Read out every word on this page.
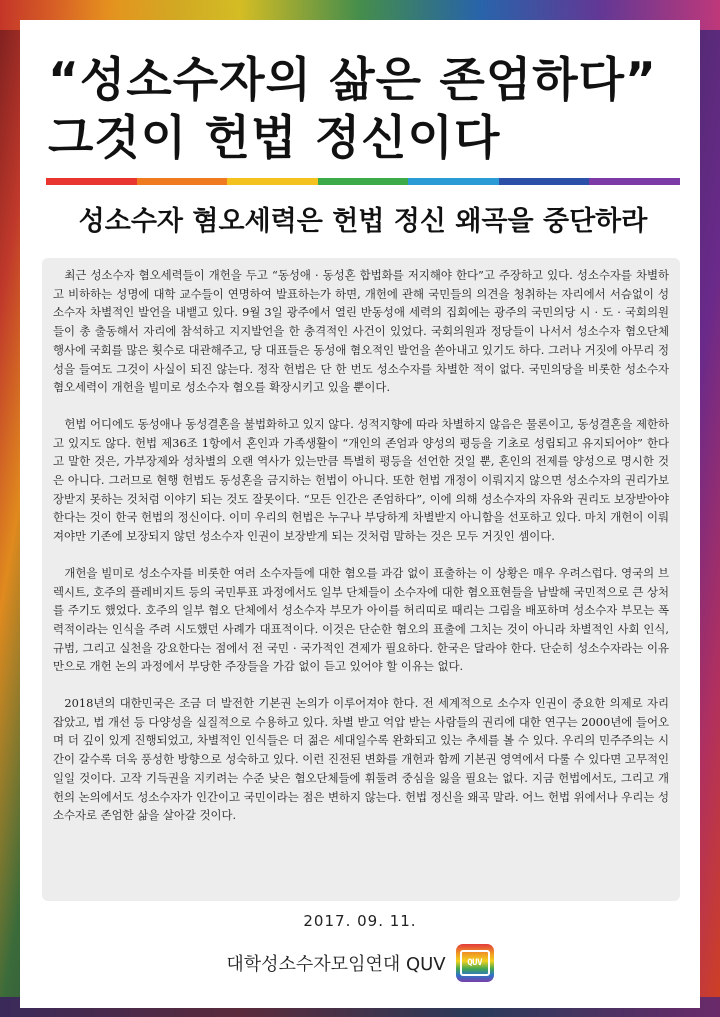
“성소수자의 삶은 존엄하다”
그것이 헌법 정신이다
성소수자 혐오세력은 헌법 정신 왜곡을 중단하라

최근 성소수자 혐오세력들이 개헌을 두고 “동성애 · 동성혼 합법화를 저지해야 한다”고 주장하고 있다. 성소수자를 차별하고 비하하는 성명에 대학 교수들이 연명하여 발표하는가 하면, 개헌에 관해 국민들의 의견을 청취하는 자리에서 서슴없이 성소수자 차별적인 발언을 내뱉고 있다. 9월 3일 광주에서 열린 반동성애 세력의 집회에는 광주의 국민의당 시 · 도 · 국회의원들이 총 출동해서 자리에 참석하고 지지발언을 한 충격적인 사건이 있었다. 국회의원과 정당들이 나서서 성소수자 혐오단체 행사에 국회를 많은 횟수로 대관해주고, 당 대표들은 동성애 혐오적인 발언을 쏟아내고 있기도 하다. 그러나 거짓에 아무리 정성을 들여도 그것이 사실이 되진 않는다. 정작 헌법은 단 한 번도 성소수자를 차별한 적이 없다. 국민의당을 비롯한 성소수자 혐오세력이 개헌을 빌미로 성소수자 혐오를 확장시키고 있을 뿐이다.

헌법 어디에도 동성애나 동성결혼을 불법화하고 있지 않다. 성적지향에 따라 차별하지 않음은 물론이고, 동성결혼을 제한하고 있지도 않다. 헌법 제36조 1항에서 혼인과 가족생활이 “개인의 존엄과 양성의 평등을 기초로 성립되고 유지되어야” 한다고 말한 것은, 가부장제와 성차별의 오랜 역사가 있는만큼 특별히 평등을 선언한 것일 뿐, 혼인의 전제를 양성으로 명시한 것은 아니다. 그러므로 현행 헌법도 동성혼을 금지하는 헌법이 아니다. 또한 헌법 개정이 이뤄지지 않으면 성소수자의 권리가보장받지 못하는 것처럼 이야기 되는 것도 잘못이다. “모든 인간은 존엄하다”, 이에 의해 성소수자의 자유와 권리도 보장받아야 한다는 것이 한국 헌법의 정신이다. 이미 우리의 헌법은 누구나 부당하게 차별받지 아니함을 선포하고 있다. 마치 개헌이 이뤄져야만 기존에 보장되지 않던 성소수자 인권이 보장받게 되는 것처럼 말하는 것은 모두 거짓인 셈이다.

개헌을 빌미로 성소수자를 비롯한 여러 소수자들에 대한 혐오를 과감 없이 표출하는 이 상황은 매우 우려스럽다. 영국의 브렉시트, 호주의 플레비지트 등의 국민투표 과정에서도 일부 단체들이 소수자에 대한 혐오표현들을 남발해 국민적으로 큰 상처를 주기도 했었다. 호주의 일부 혐오 단체에서 성소수자 부모가 아이를 허리띠로 때리는 그림을 배포하며 성소수자 부모는 폭력적이라는 인식을 주려 시도했던 사례가 대표적이다. 이것은 단순한 혐오의 표출에 그치는 것이 아니라 차별적인 사회 인식, 규범, 그리고 실천을 강요한다는 점에서 전 국민 · 국가적인 견제가 필요하다. 한국은 달라야 한다. 단순히 성소수자라는 이유만으로 개헌 논의 과정에서 부당한 주장들을 가감 없이 듣고 있어야 할 이유는 없다.

2018년의 대한민국은 조금 더 발전한 기본권 논의가 이루어져야 한다. 전 세계적으로 소수자 인권이 중요한 의제로 자리 잡았고, 법 개선 등 다양성을 실질적으로 수용하고 있다. 차별 받고 억압 받는 사람들의 권리에 대한 연구는 2000년에 들어오며 더 깊이 있게 진행되었고, 차별적인 인식들은 더 젊은 세대일수록 완화되고 있는 추세를 볼 수 있다. 우리의 민주주의는 시간이 갈수록 더욱 풍성한 방향으로 성숙하고 있다. 이런 진전된 변화를 개헌과 함께 기본권 영역에서 다룰 수 있다면 고무적인 일일 것이다. 고작 기득권을 지키려는 수준 낮은 혐오단체들에 휘둘려 중심을 잃을 필요는 없다. 지금 헌법에서도, 그리고 개헌의 논의에서도 성소수자가 인간이고 국민이라는 점은 변하지 않는다. 헌법 정신을 왜곡 말라. 어느 헌법 위에서나 우리는 성소수자로 존엄한 삶을 살아갈 것이다.

2017. 09. 11.
대학성소수자모임연대 QUV	QUV
